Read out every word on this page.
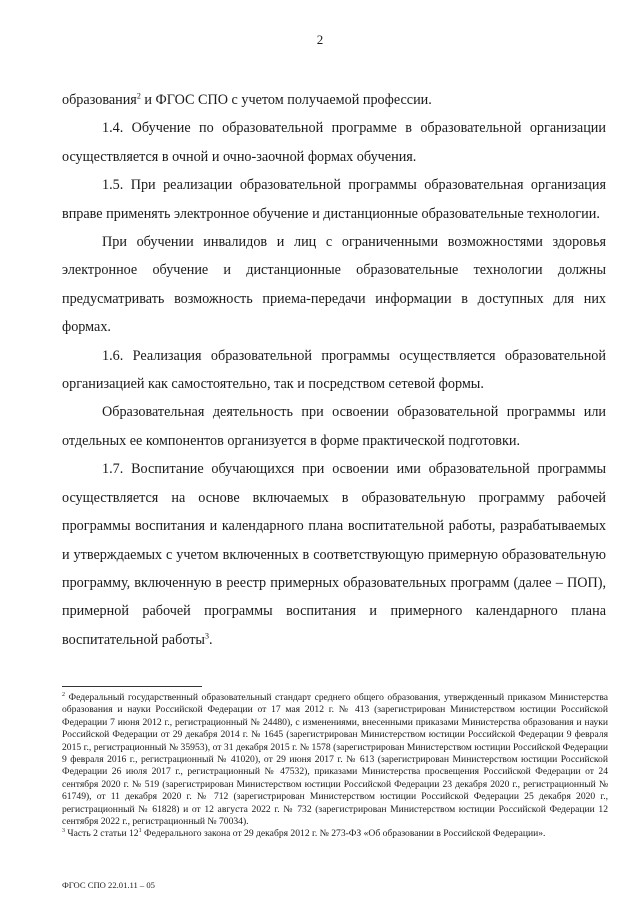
2

образования$^2$ и ФГОС СПО с учетом получаемой профессии.

1.4. Обучение по образовательной программе в образовательной организации осуществляется в очной и очно-заочной формах обучения.

1.5. При реализации образовательной программы образовательная организация вправе применять электронное обучение и дистанционные образовательные технологии.

При обучении инвалидов и лиц с ограниченными возможностями здоровья электронное обучение и дистанционные образовательные технологии должны предусматривать возможность приема-передачи информации в доступных для них формах.

1.6. Реализация образовательной программы осуществляется образовательной организацией как самостоятельно, так и посредством сетевой формы.

Образовательная деятельность при освоении образовательной программы или отдельных ее компонентов организуется в форме практической подготовки.

1.7. Воспитание обучающихся при освоении ими образовательной программы осуществляется на основе включаемых в образовательную программу рабочей программы воспитания и календарного плана воспитательной работы, разрабатываемых и утверждаемых с учетом включенных в соответствующую примерную образовательную программу, включенную в реестр примерных образовательных программ (далее – ПОП), примерной рабочей программы воспитания и примерного календарного плана воспитательной работы$^3$.

$^2$ Федеральный государственный образовательный стандарт среднего общего образования, утвержденный приказом Министерства образования и науки Российской Федерации от 17 мая 2012 г. № 413 (зарегистрирован Министерством юстиции Российской Федерации 7 июня 2012 г., регистрационный № 24480), с изменениями, внесенными приказами Министерства образования и науки Российской Федерации от 29 декабря 2014 г. № 1645 (зарегистрирован Министерством юстиции Российской Федерации 9 февраля 2015 г., регистрационный № 35953), от 31 декабря 2015 г. № 1578 (зарегистрирован Министерством юстиции Российской Федерации 9 февраля 2016 г., регистрационный № 41020), от 29 июня 2017 г. № 613 (зарегистрирован Министерством юстиции Российской Федерации 26 июля 2017 г., регистрационный № 47532), приказами Министерства просвещения Российской Федерации от 24 сентября 2020 г. № 519 (зарегистрирован Министерством юстиции Российской Федерации 23 декабря 2020 г., регистрационный № 61749), от 11 декабря 2020 г. № 712 (зарегистрирован Министерством юстиции Российской Федерации 25 декабря 2020 г., регистрационный № 61828) и от 12 августа 2022 г. № 732 (зарегистрирован Министерством юстиции Российской Федерации 12 сентября 2022 г., регистрационный № 70034).

$^3$ Часть 2 статьи $12^1$ Федерального закона от 29 декабря 2012 г. № 273-ФЗ «Об образовании в Российской Федерации».

ФГОС СПО 22.01.11 – 05
